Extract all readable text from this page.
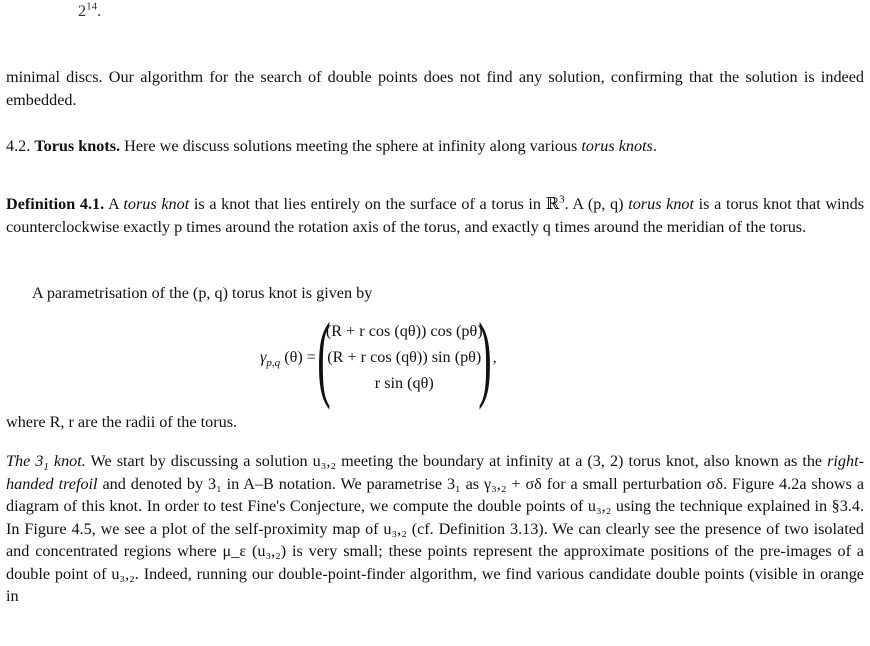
$2^{14}$.
minimal discs. Our algorithm for the search of double points does not find any solution, confirming that the solution is indeed embedded.
4.2. Torus knots. Here we discuss solutions meeting the sphere at infinity along various torus knots.
Definition 4.1. A torus knot is a knot that lies entirely on the surface of a torus in ℝ$^3$. A (p, q) torus knot is a torus knot that winds counterclockwise exactly p times around the rotation axis of the torus, and exactly q times around the meridian of the torus.
A parametrisation of the (p, q) torus knot is given by
$\gamma_{p,q}$ (θ) = (
(R + r cos (qθ)) cos (pθ)
(R + r cos (qθ)) sin (pθ)
r sin (qθ) ) ,
where R, r are the radii of the torus.
The $3_1$ knot. We start by discussing a solution u₃,₂ meeting the boundary at infinity at a (3, 2) torus knot, also known as the right-handed trefoil and denoted by 3₁ in A–B notation. We parametrise 3₁ as γ₃,₂ + σδ for a small perturbation σδ. Figure 4.2a shows a diagram of this knot. In order to test Fine's Conjecture, we compute the double points of u₃,₂ using the technique explained in §3.4. In Figure 4.5, we see a plot of the self-proximity map of u₃,₂ (cf. Definition 3.13). We can clearly see the presence of two isolated and concentrated regions where μ_ε (u₃,₂) is very small; these points represent the approximate positions of the pre-images of a double point of u₃,₂. Indeed, running our double-point-finder algorithm, we find various candidate double points (visible in orange in
